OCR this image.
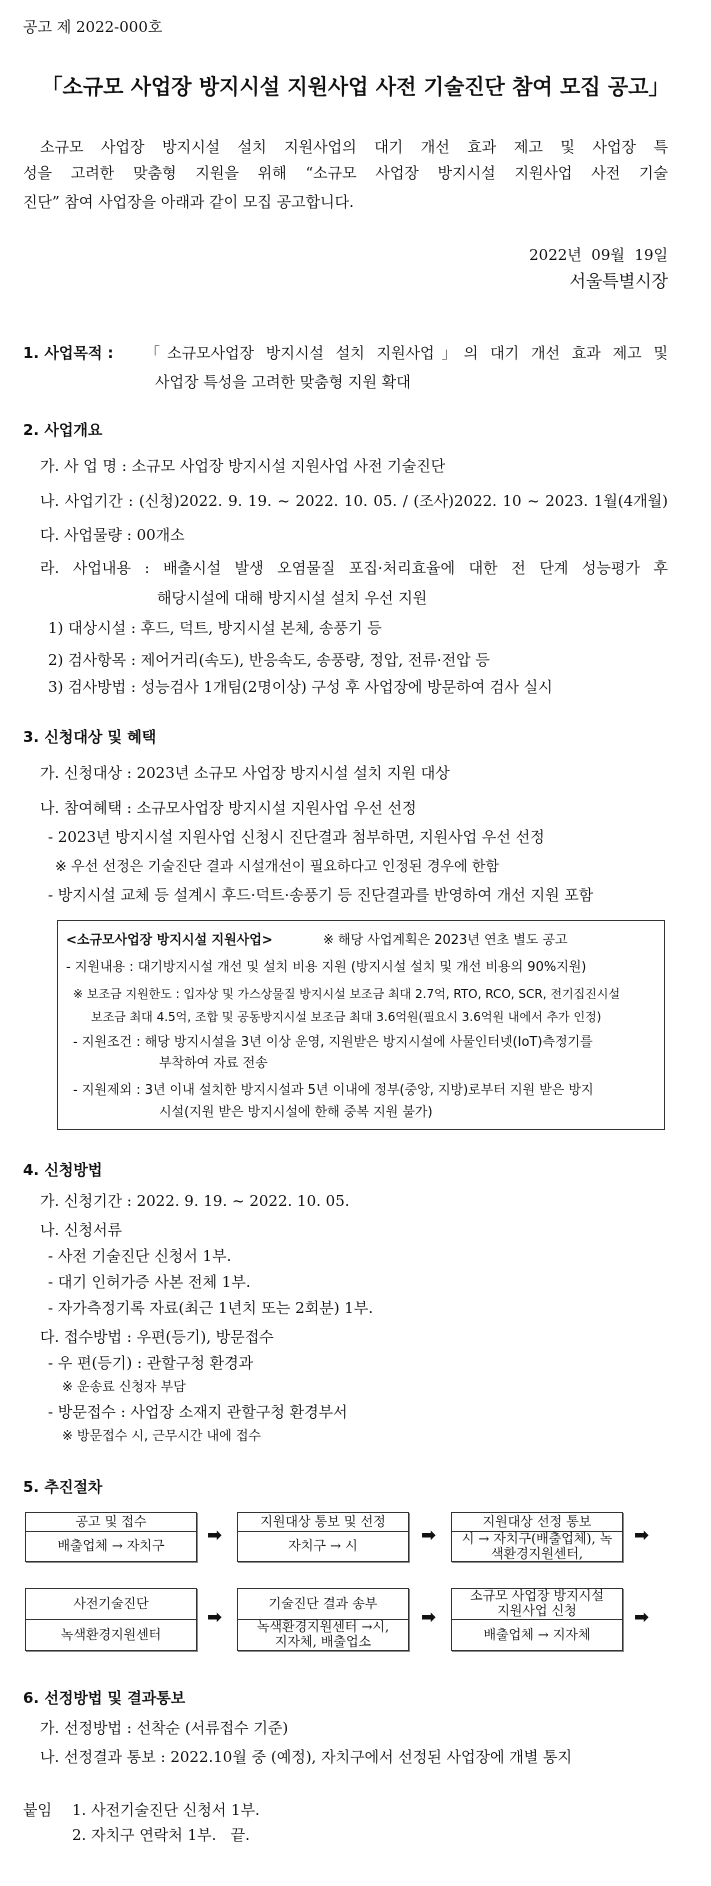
공고 제 2022-000호
「소규모 사업장 방지시설 지원사업 사전 기술진단 참여 모집 공고」
소규모 사업장 방지시설 설치 지원사업의 대기 개선 효과 제고 및 사업장 특
성을 고려한 맞춤형 지원을 위해 “소규모 사업장 방지시설 지원사업 사전 기술
진단” 참여 사업장을 아래과 같이 모집 공고합니다.
2022년  09월  19일
서울특별시장
1. 사업목적 : 「소규모사업장 방지시설 설치 지원사업」의 대기 개선 효과 제고 및
사업장 특성을 고려한 맞춤형 지원 확대
2. 사업개요
가. 사 업 명 : 소규모 사업장 방지시설 지원사업 사전 기술진단
나. 사업기간 : (신청)2022. 9. 19. ~ 2022. 10. 05. / (조사)2022. 10 ~ 2023. 1월(4개월)
다. 사업물량 : 00개소
라. 사업내용 : 배출시설 발생 오염물질 포집·처리효율에 대한 전 단계 성능평가 후
해당시설에 대해 방지시설 설치 우선 지원
1) 대상시설 : 후드, 덕트, 방지시설 본체, 송풍기 등
2) 검사항목 : 제어거리(속도), 반응속도, 송풍량, 정압, 전류·전압 등
3) 검사방법 : 성능검사 1개팀(2명이상) 구성 후 사업장에 방문하여 검사 실시
3. 신청대상 및 혜택
가. 신청대상 : 2023년 소규모 사업장 방지시설 설치 지원 대상
나. 참여혜택 : 소규모사업장 방지시설 지원사업 우선 선정
- 2023년 방지시설 지원사업 신청시 진단결과 첨부하면, 지원사업 우선 선정
※ 우선 선정은 기술진단 결과 시설개선이 필요하다고 인정된 경우에 한함
- 방지시설 교체 등 설계시 후드·덕트·송풍기 등 진단결과를 반영하여 개선 지원 포함
<소규모사업장 방지시설 지원사업>	※ 해당 사업계획은 2023년 연초 별도 공고
- 지원내용 : 대기방지시설 개선 및 설치 비용 지원 (방지시설 설치 및 개선 비용의 90%지원)
※ 보조금 지원한도 : 입자상 및 가스상물질 방지시설 보조금 최대 2.7억, RTO, RCO, SCR, 전기집진시설
보조금 최대 4.5억, 조합 및 공동방지시설 보조금 최대 3.6억원(필요시 3.6억원 내에서 추가 인정)
- 지원조건 : 해당 방지시설을 3년 이상 운영, 지원받은 방지시설에 사물인터넷(IoT)측정기를
부착하여 자료 전송
- 지원제외 : 3년 이내 설치한 방지시설과 5년 이내에 정부(중앙, 지방)로부터 지원 받은 방지
시설(지원 받은 방지시설에 한해 중복 지원 불가)
4. 신청방법
가. 신청기간 : 2022. 9. 19. ~ 2022. 10. 05.
나. 신청서류
- 사전 기술진단 신청서 1부.
- 대기 인허가증 사본 전체 1부.
- 자가측정기록 자료(최근 1년치 또는 2회분) 1부.
다. 접수방법 : 우편(등기), 방문접수
- 우 편(등기) : 관할구청 환경과
※ 운송료 신청자 부담
- 방문접수 : 사업장 소재지 관할구청 환경부서
※ 방문접수 시, 근무시간 내에 접수
5. 추진절차
공고 및 접수
배출업체 → 자치구
지원대상 통보 및 선정
자치구 → 시
지원대상 선정 통보
시 → 자치구(배출업체), 녹색환경지원센터,
사전기술진단
녹색환경지원센터
기술진단 결과 송부
녹색환경지원센터 →시, 지자체, 배출업소
소규모 사업장 방지시설 지원사업 신청
배출업체 → 지자체
➡	➡	➡
➡	➡	➡
6. 선정방법 및 결과통보
가. 선정방법 : 선착순 (서류접수 기준)
나. 선정결과 통보 : 2022.10월 중 (예정), 자치구에서 선정된 사업장에 개별 통지
붙임 1. 사전기술진단 신청서 1부.
2. 자치구 연락처 1부.   끝.
